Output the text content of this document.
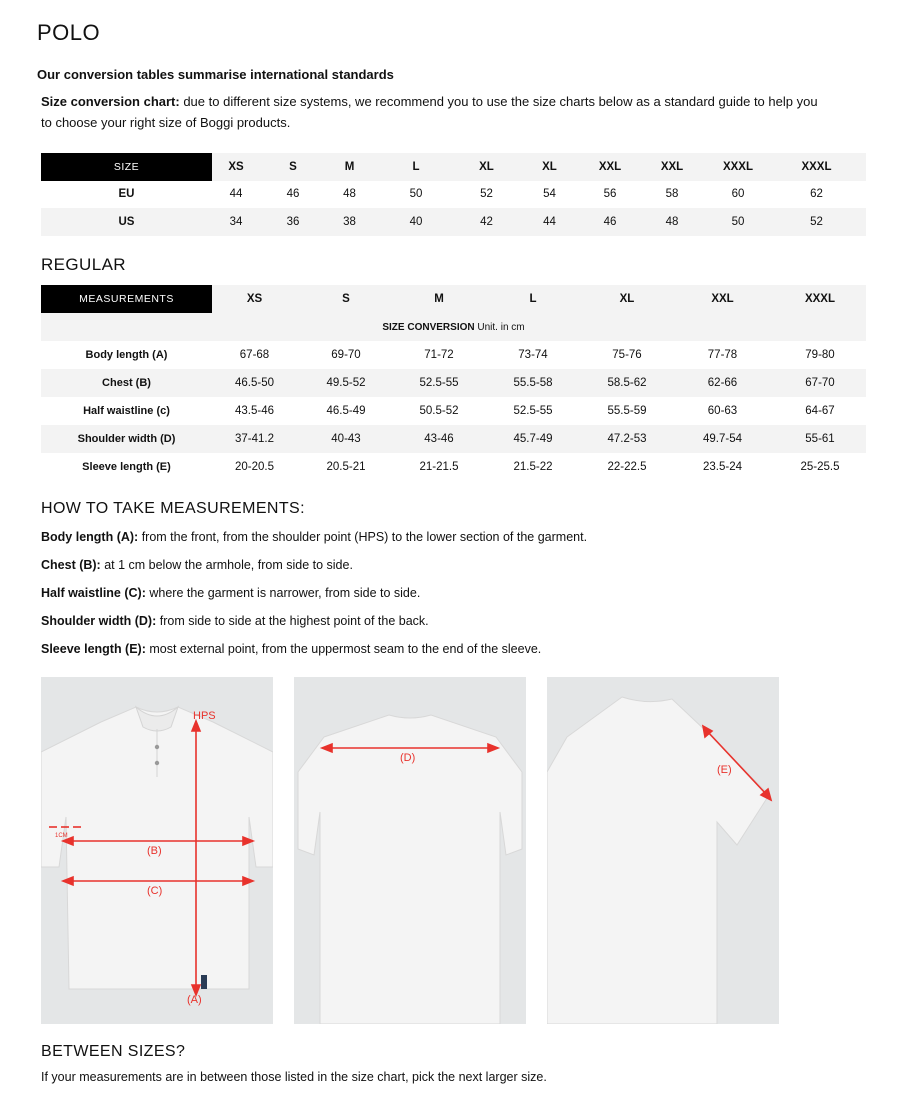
POLO
Our conversion tables summarise international standards
Size conversion chart: due to different size systems, we recommend you to use the size charts below as a standard guide to help you to choose your right size of Boggi products.
SIZE	XS	S	M	L	XL	XL	XXL	XXL	XXXL	XXXL
EU	44	46	48	50	52	54	56	58	60	62
US	34	36	38	40	42	44	46	48	50	52
REGULAR
MEASUREMENTS	XS	S	M	L	XL	XXL	XXXL
SIZE CONVERSION Unit. in cm							
Body length (A)	67-68	69-70	71-72	73-74	75-76	77-78	79-80
Chest (B)	46.5-50	49.5-52	52.5-55	55.5-58	58.5-62	62-66	67-70
Half waistline (c)	43.5-46	46.5-49	50.5-52	52.5-55	55.5-59	60-63	64-67
Shoulder width (D)	37-41.2	40-43	43-46	45.7-49	47.2-53	49.7-54	55-61
Sleeve length (E)	20-20.5	20.5-21	21-21.5	21.5-22	22-22.5	23.5-24	25-25.5
HOW TO TAKE MEASUREMENTS:
Body length (A): from the front, from the shoulder point (HPS) to the lower section of the garment.
Chest (B): at 1 cm below the armhole, from side to side.
Half waistline (C): where the garment is narrower, from side to side.
Shoulder width (D): from side to side at the highest point of the back.
Sleeve length (E): most external point, from the uppermost seam to the end of the sleeve.
HPS
(B)
(C)
(A)
1CM
(D)
(E)
BETWEEN SIZES?
If your measurements are in between those listed in the size chart, pick the next larger size.
